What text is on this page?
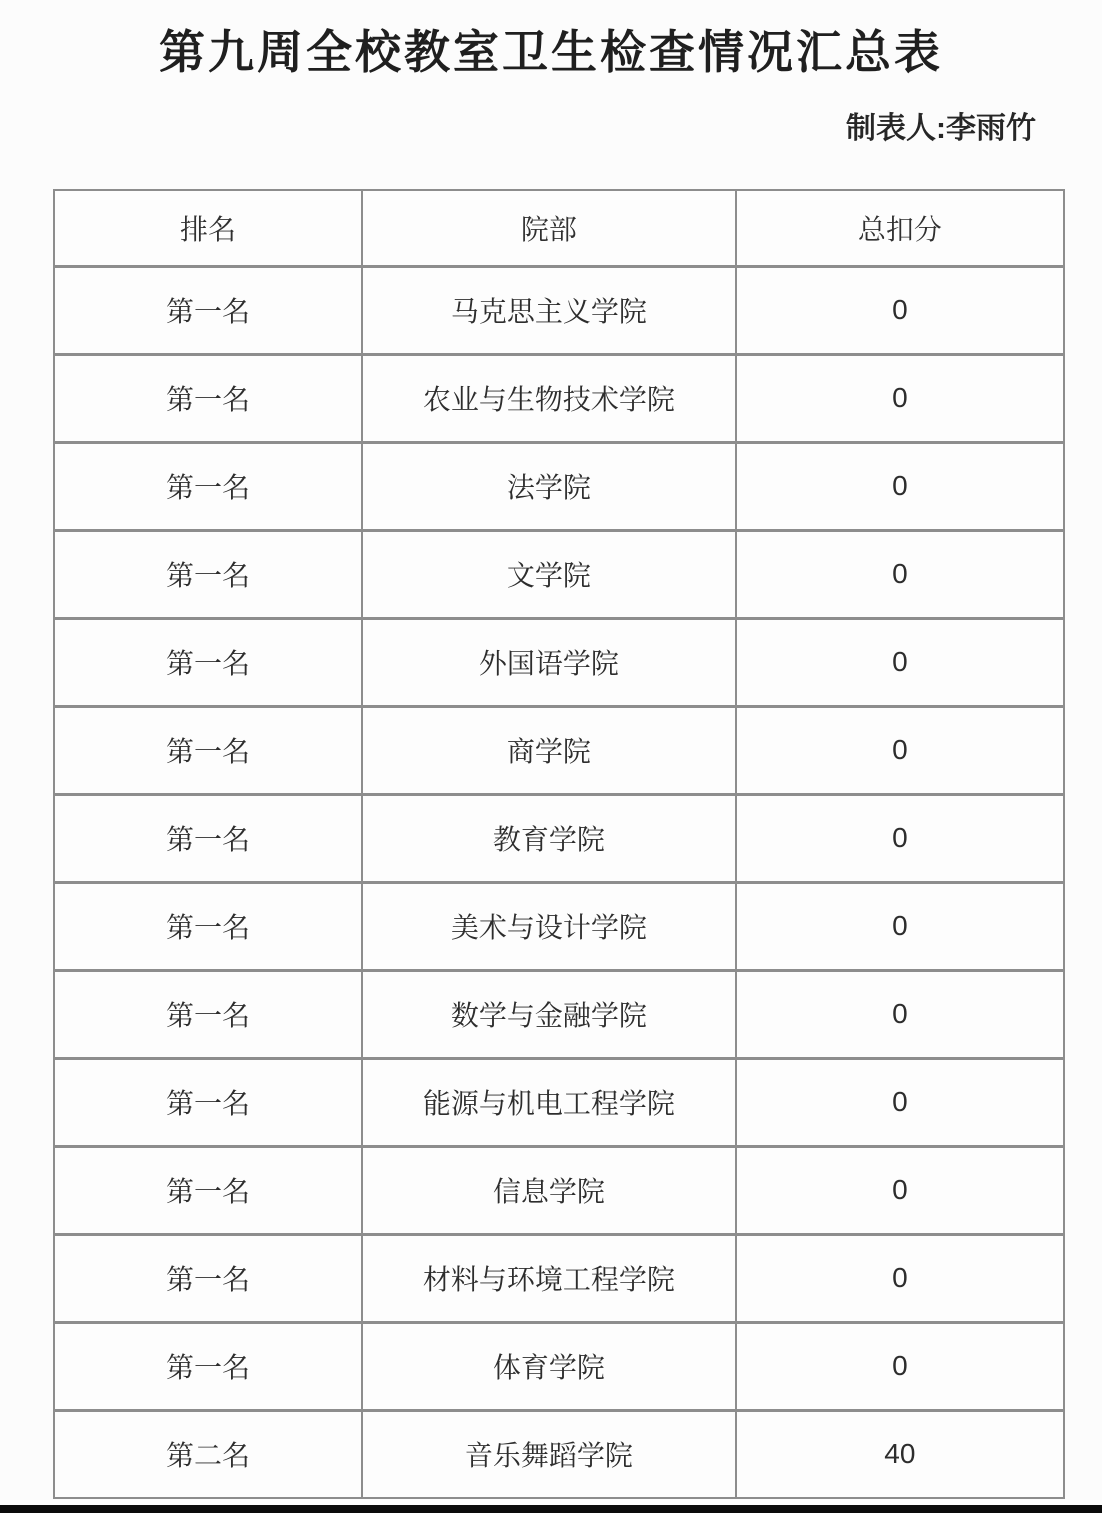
第九周全校教室卫生检查情况汇总表
制表人:李雨竹
排名	院部	总扣分
第一名	马克思主义学院	0
第一名	农业与生物技术学院	0
第一名	法学院	0
第一名	文学院	0
第一名	外国语学院	0
第一名	商学院	0
第一名	教育学院	0
第一名	美术与设计学院	0
第一名	数学与金融学院	0
第一名	能源与机电工程学院	0
第一名	信息学院	0
第一名	材料与环境工程学院	0
第一名	体育学院	0
第二名	音乐舞蹈学院	40
